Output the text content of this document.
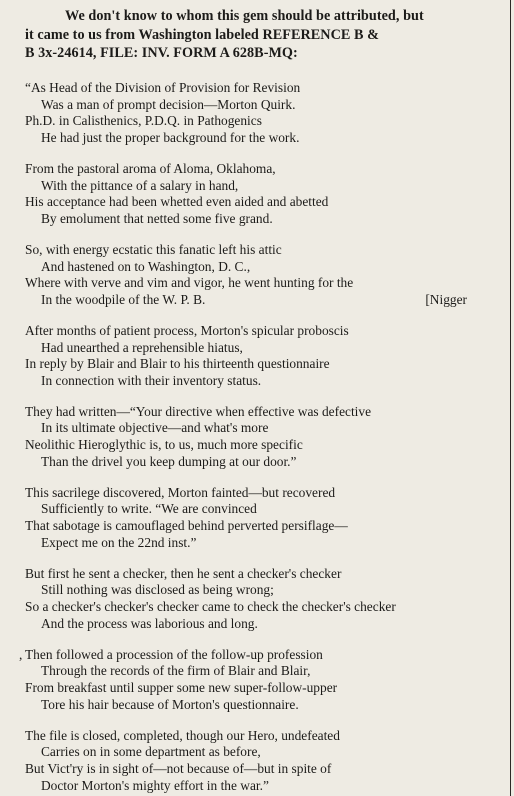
We don't know to whom this gem should be attributed, but
it came to us from Washington labeled REFERENCE B &
B 3x-24614, FILE: INV. FORM A 628B-MQ:
“As Head of the Division of Provision for Revision
Was a man of prompt decision—Morton Quirk.
Ph.D. in Calisthenics, P.D.Q. in Pathogenics
He had just the proper background for the work.
From the pastoral aroma of Aloma, Oklahoma,
With the pittance of a salary in hand,
His acceptance had been whetted even aided and abetted
By emolument that netted some five grand.
So, with energy ecstatic this fanatic left his attic
And hastened on to Washington, D. C.,
Where with verve and vim and vigor, he went hunting for the
In the woodpile of the W. P. B.	[Nigger
After months of patient process, Morton's spicular proboscis
Had unearthed a reprehensible hiatus,
In reply by Blair and Blair to his thirteenth questionnaire
In connection with their inventory status.
They had written—“Your directive when effective was defective
In its ultimate objective—and what's more
Neolithic Hieroglythic is, to us, much more specific
Than the drivel you keep dumping at our door.”
This sacrilege discovered, Morton fainted—but recovered
Sufficiently to write. “We are convinced
That sabotage is camouflaged behind perverted persiflage—
Expect me on the 22nd inst.”
But first he sent a checker, then he sent a checker's checker
Still nothing was disclosed as being wrong;
So a checker's checker's checker came to check the checker's checker
And the process was laborious and long.
, Then followed a procession of the follow-up profession
Through the records of the firm of Blair and Blair,
From breakfast until supper some new super-follow-upper
Tore his hair because of Morton's questionnaire.
The file is closed, completed, though our Hero, undefeated
Carries on in some department as before,
But Vict'ry is in sight of—not because of—but in spite of
Doctor Morton's mighty effort in the war.”
